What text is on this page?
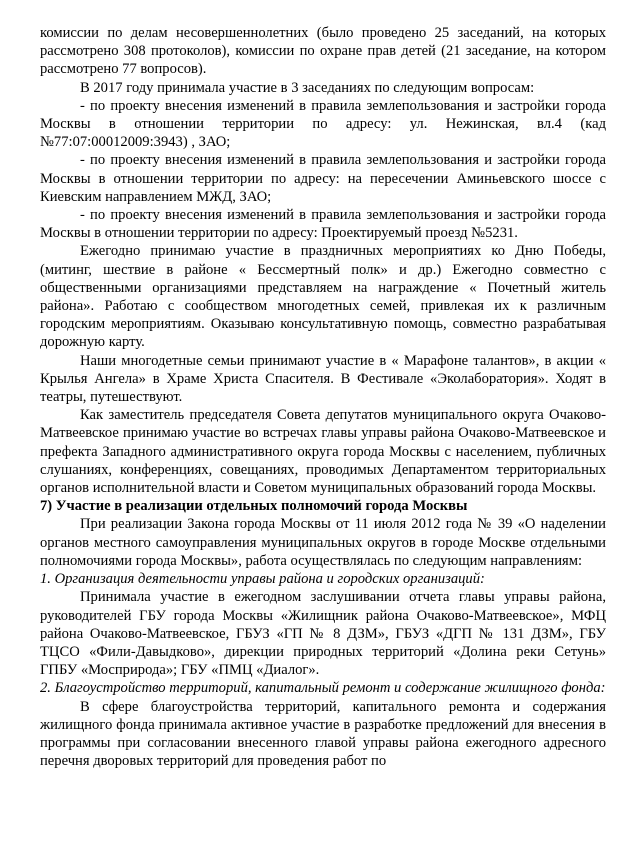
комиссии по делам несовершеннолетних (было проведено 25 заседаний, на которых рассмотрено 308 протоколов), комиссии по охране прав детей (21 заседание, на котором рассмотрено 77 вопросов).

В 2017 году принимала участие в 3 заседаниях по следующим вопросам:

- по проекту внесения изменений в правила землепользования и застройки города Москвы в отношении территории по адресу: ул. Нежинская, вл.4 (кад №77:07:00012009:3943) , ЗАО;

- по проекту внесения изменений в правила землепользования и застройки города Москвы в отношении территории по адресу: на пересечении Аминьевского шоссе с Киевским направлением МЖД, ЗАО;

- по проекту внесения изменений в правила землепользования и застройки города Москвы в отношении территории по адресу: Проектируемый проезд №5231.

Ежегодно принимаю участие в праздничных мероприятиях ко Дню Победы, (митинг, шествие в районе « Бессмертный полк» и др.) Ежегодно совместно с общественными организациями представляем на награждение « Почетный житель района». Работаю с сообществом многодетных семей, привлекая их к различным городским мероприятиям. Оказываю консультативную помощь, совместно разрабатывая дорожную карту.

Наши многодетные семьи принимают участие в « Марафоне талантов», в акции « Крылья Ангела» в Храме Христа Спасителя. В Фестивале «Эколаборатория». Ходят в театры, путешествуют.

Как заместитель председателя Совета депутатов муниципального округа Очаково-Матвеевское принимаю участие во встречах главы управы района Очаково-Матвеевское и префекта Западного административного округа города Москвы с населением, публичных слушаниях, конференциях, совещаниях, проводимых Департаментом территориальных органов исполнительной власти и Советом муниципальных образований города Москвы.

7) Участие в реализации отдельных полномочий города Москвы

При реализации Закона города Москвы от 11 июля 2012 года № 39 «О наделении органов местного самоуправления муниципальных округов в городе Москве отдельными полномочиями города Москвы», работа осуществлялась по следующим направлениям:

1. Организация деятельности управы района и городских организаций:

Принимала участие в ежегодном заслушивании отчета главы управы района, руководителей ГБУ города Москвы «Жилищник района Очаково-Матвеевское», МФЦ района Очаково-Матвеевское, ГБУЗ «ГП № 8 ДЗМ», ГБУЗ «ДГП № 131 ДЗМ», ГБУ ТЦСО «Фили-Давыдково», дирекции природных территорий «Долина реки Сетунь» ГПБУ «Мосприрода»; ГБУ «ПМЦ «Диалог».

2. Благоустройство территорий, капитальный ремонт и содержание жилищного фонда:

В сфере благоустройства территорий, капитального ремонта и содержания жилищного фонда принимала активное участие в разработке предложений для внесения в программы при согласовании внесенного главой управы района ежегодного адресного перечня дворовых территорий для проведения работ по
